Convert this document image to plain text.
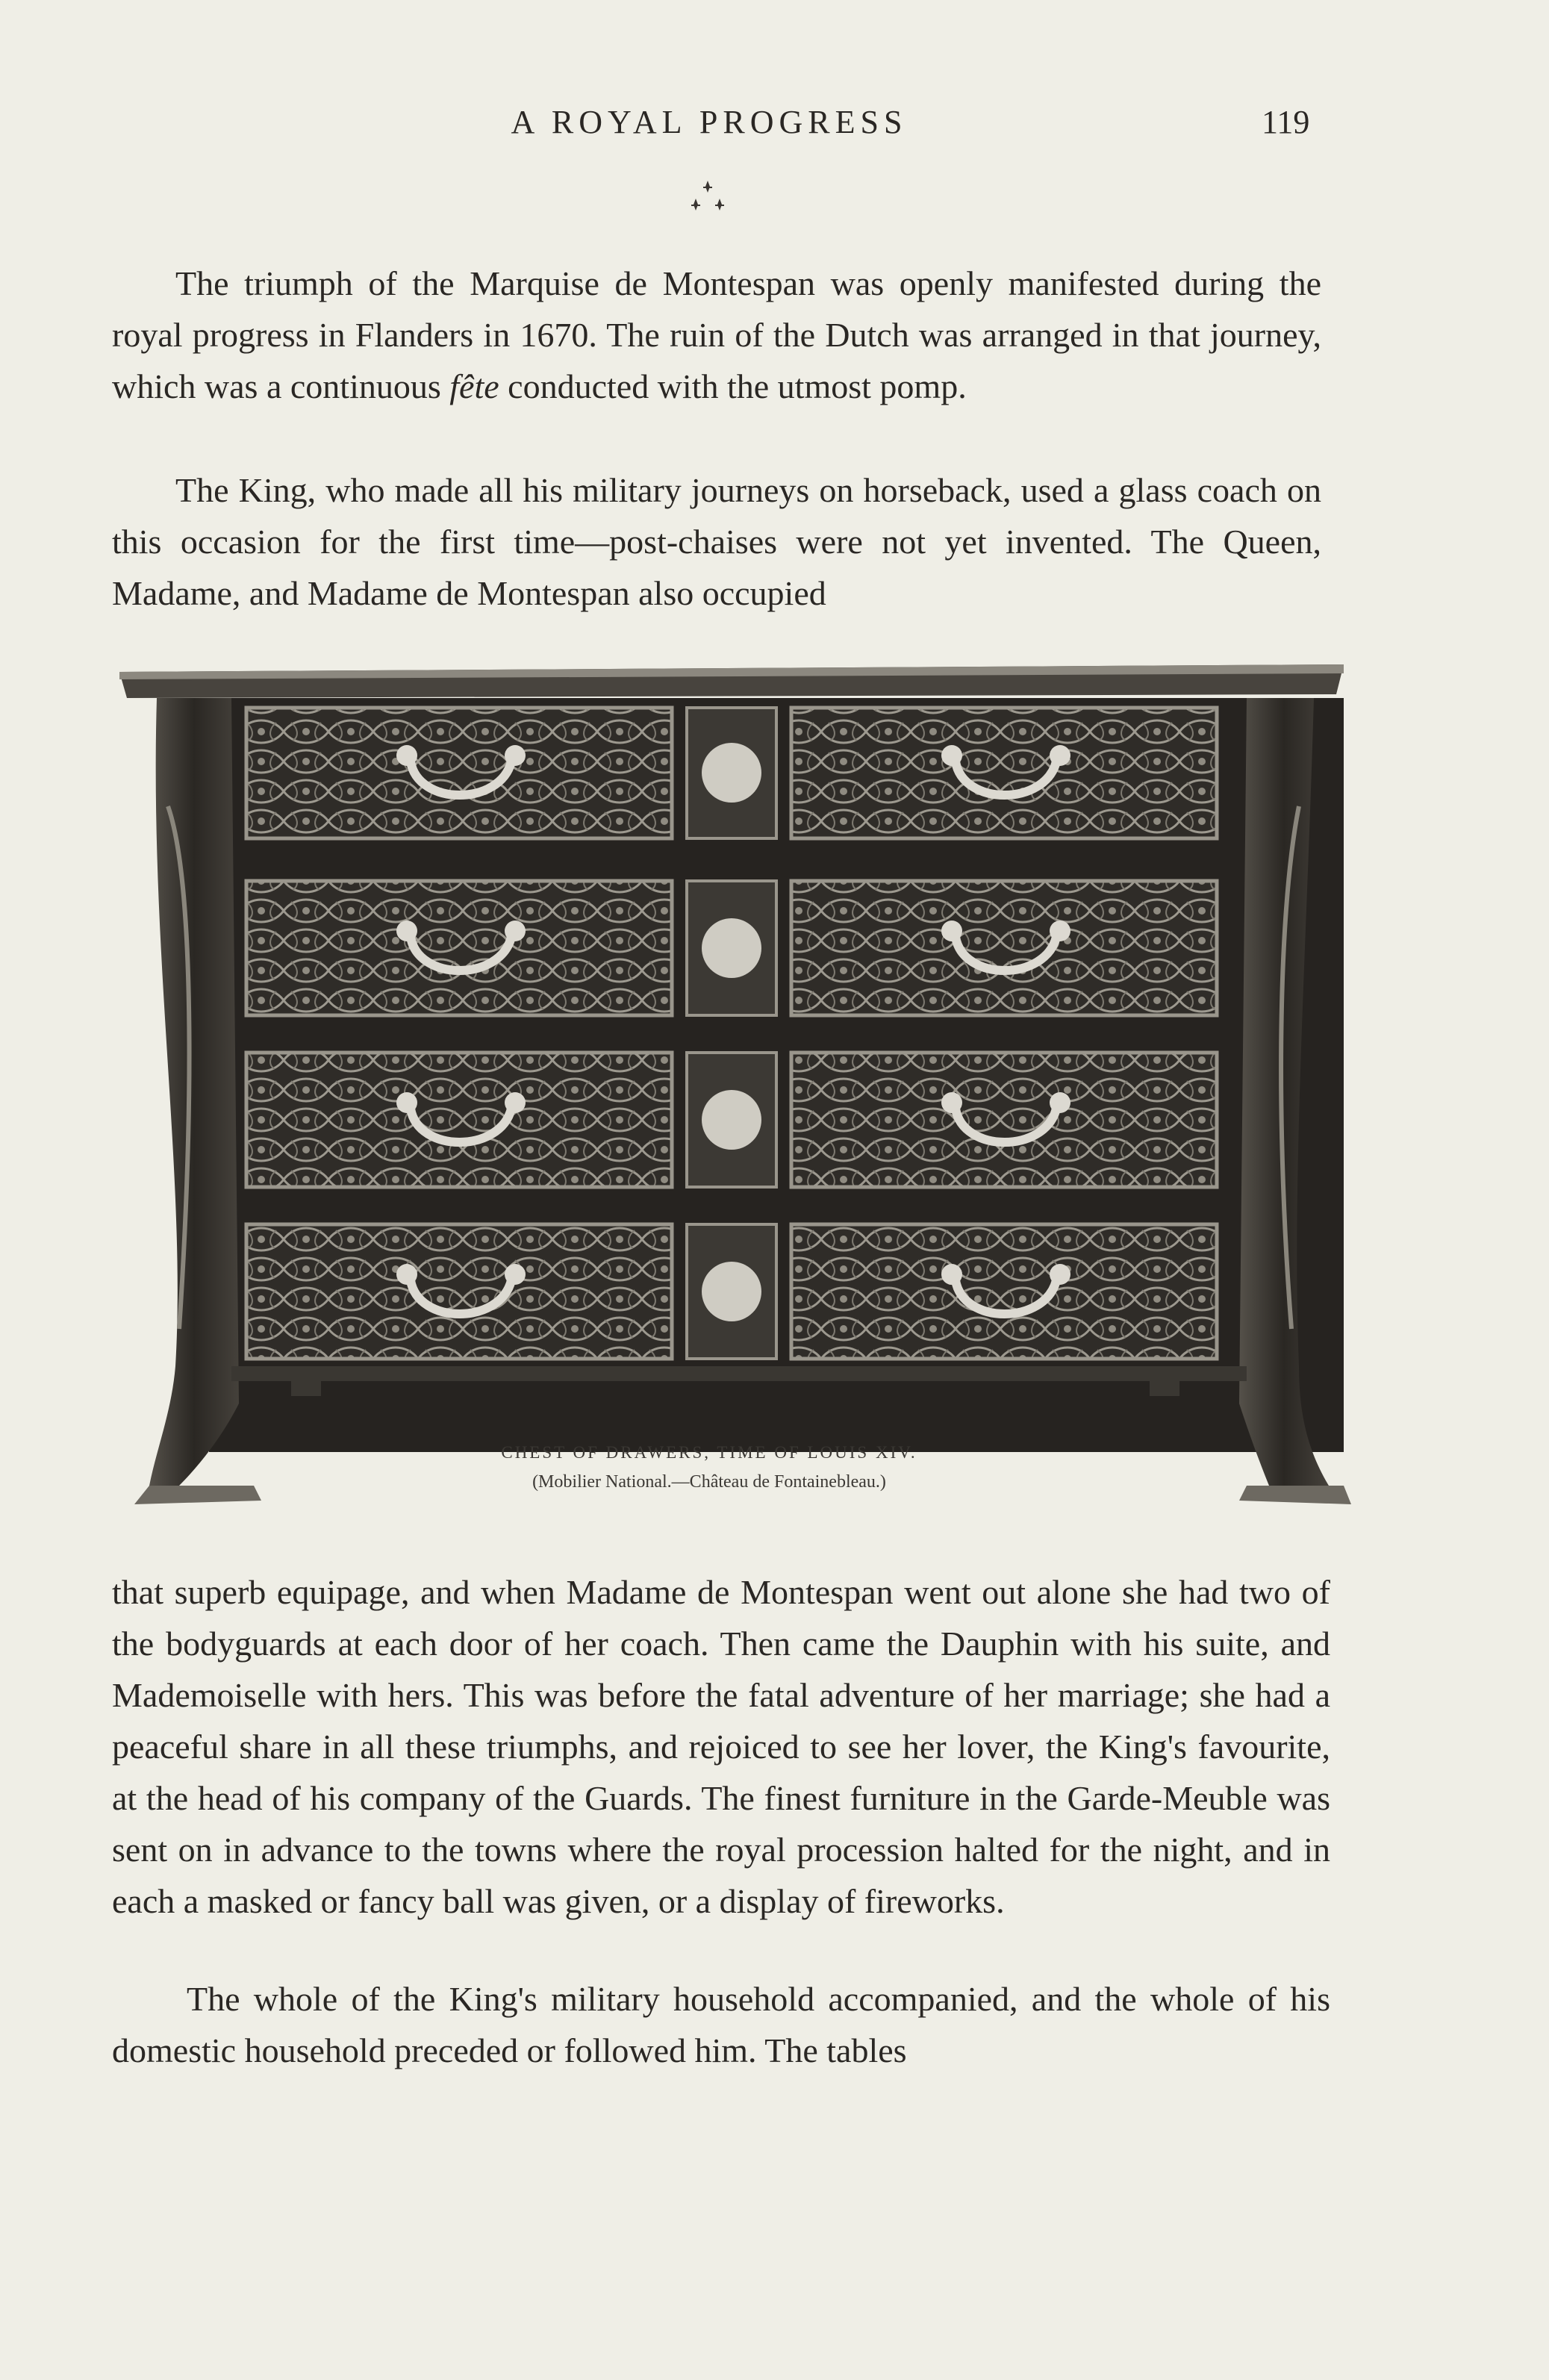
A ROYAL PROGRESS	119

The triumph of the Marquise de Montespan was openly manifested during the royal progress in Flanders in 1670. The ruin of the Dutch was arranged in that journey, which was a continuous fête conducted with the utmost pomp.

The King, who made all his military journeys on horseback, used a glass coach on this occasion for the first time—post-chaises were not yet invented. The Queen, Madame, and Madame de Montespan also occupied

CHEST OF DRAWERS, TIME OF LOUIS XIV.
(Mobilier National.—Château de Fontainebleau.)

that superb equipage, and when Madame de Montespan went out alone she had two of the bodyguards at each door of her coach. Then came the Dauphin with his suite, and Mademoiselle with hers. This was before the fatal adventure of her marriage; she had a peaceful share in all these triumphs, and rejoiced to see her lover, the King's favourite, at the head of his company of the Guards. The finest furniture in the Garde-Meuble was sent on in advance to the towns where the royal procession halted for the night, and in each a masked or fancy ball was given, or a display of fireworks.

The whole of the King's military household accompanied, and the whole of his domestic household preceded or followed him. The tables
